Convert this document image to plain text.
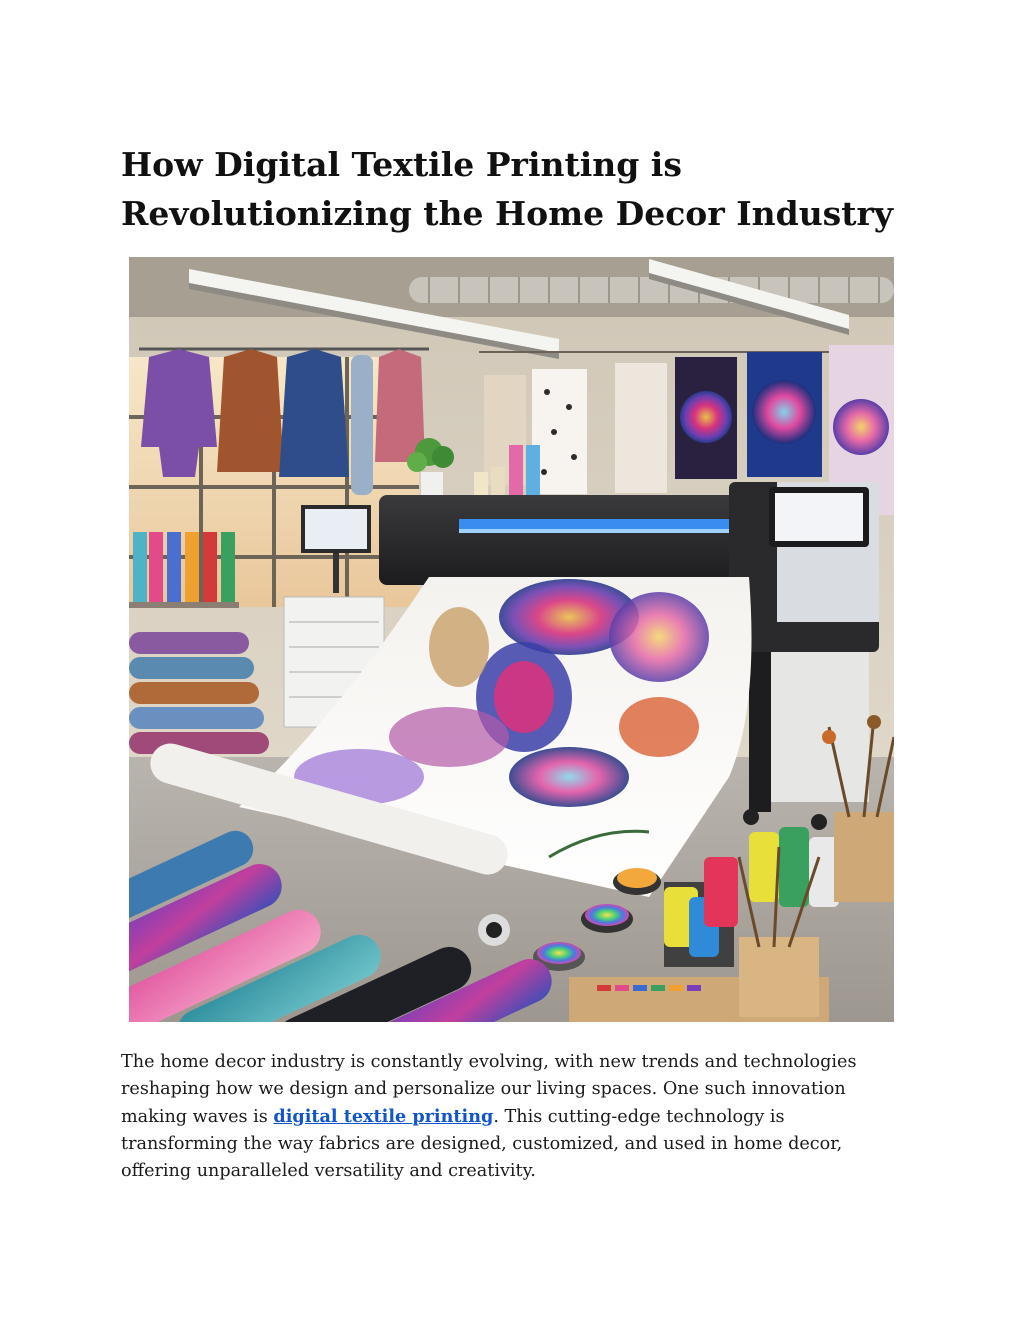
How Digital Textile Printing is Revolutionizing the Home Decor Industry

The home decor industry is constantly evolving, with new trends and technologies reshaping how we design and personalize our living spaces. One such innovation making waves is digital textile printing. This cutting-edge technology is transforming the way fabrics are designed, customized, and used in home decor, offering unparalleled versatility and creativity.
